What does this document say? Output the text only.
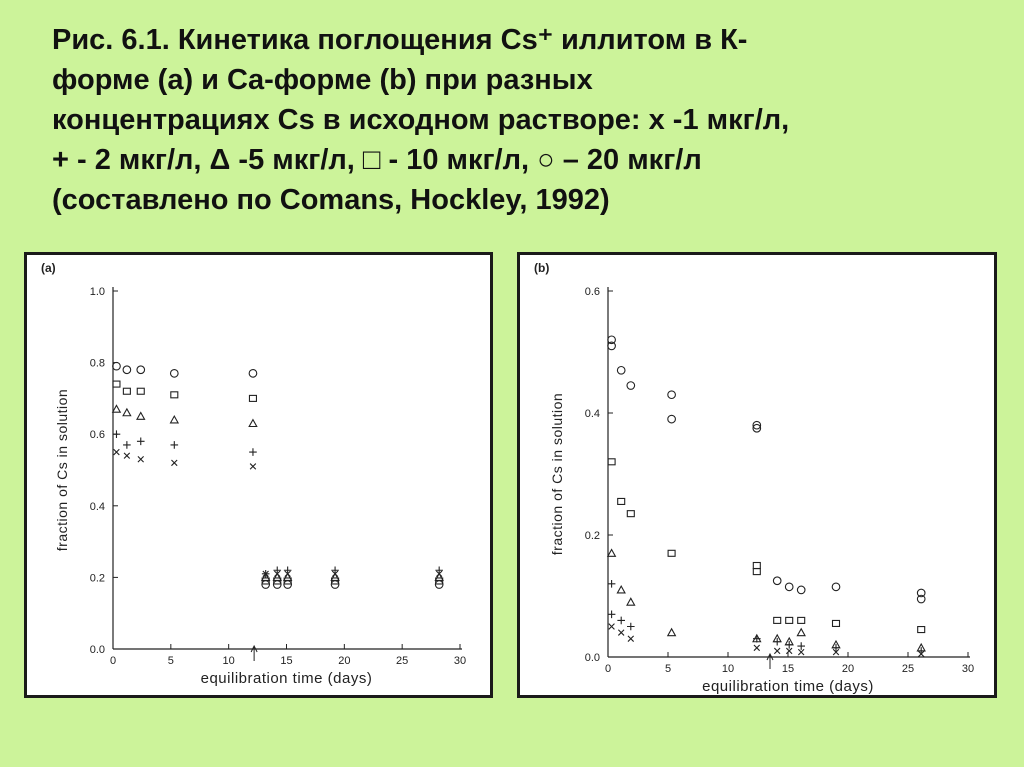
Рис. 6.1. Кинетика поглощения Cs⁺ иллитом в К-
форме (a) и Ca-форме (b) при разных
концентрациях Cs в исходном растворе: x -1 мкг/л,
+ - 2 мкг/л, Δ -5 мкг/л, □ - 10 мкг/л, ○ – 20 мкг/л
(составлено по Comans, Hockley, 1992)
(a)
0.0
0.2
0.4
0.6
0.8
1.0
0	5	10	15	20	25	30
equilibration time (days)
fraction of Cs in solution
(b)
0.0
0.2
0.4
0.6
0	5	10	15	20	25	30
equilibration time (days)
fraction of Cs in solution
